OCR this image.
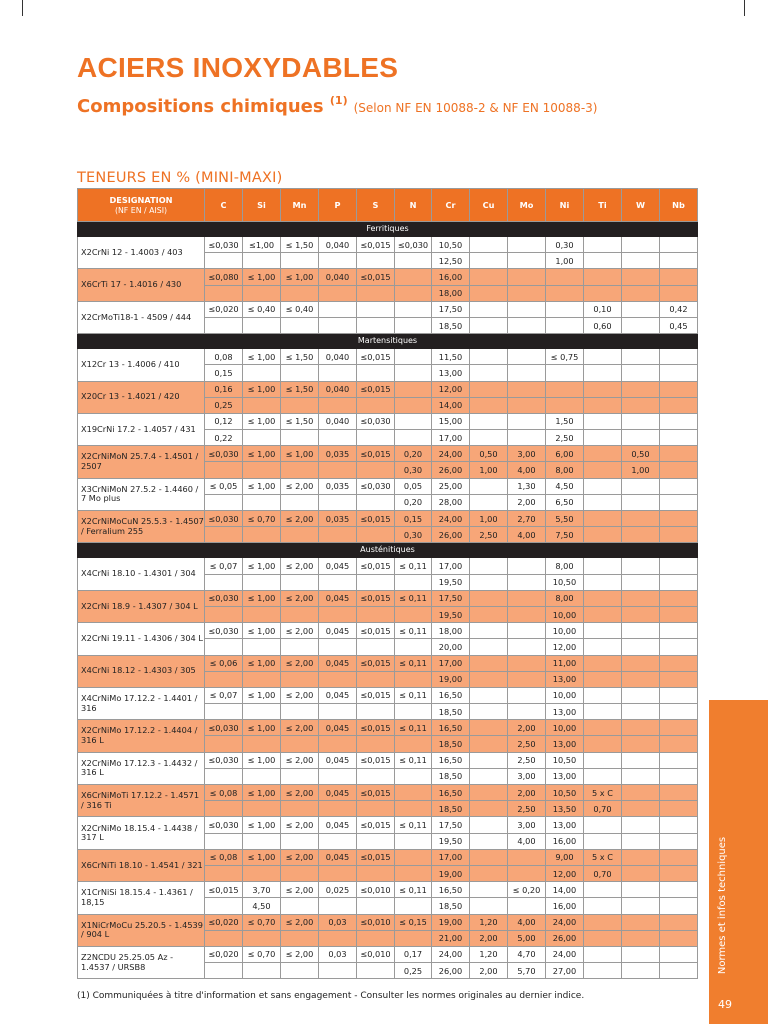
ACIERS INOXYDABLES
Compositions chimiques $^{(1)}$(Selon NF EN 10088-2 & NF EN 10088-3)
TENEURS EN % (MINI-MAXI)
DESIGNATION
(NF EN / AISI)	C	Si	Mn	P	S	N	Cr	Cu	Mo	Ni	Ti	W	Nb
Ferritiques													
X2CrNi 12 - 1.4003 / 403	≤0,030	≤1,00	≤ 1,50	0,040	≤0,015	≤0,030	10,50			0,30			
							12,50			1,00			
X6CrTi 17 - 1.4016 / 430	≤0,080	≤ 1,00	≤ 1,00	0,040	≤0,015		16,00						
							18,00						
X2CrMoTi18-1 - 4509 / 444	≤0,020	≤ 0,40	≤ 0,40				17,50				0,10		0,42
							18,50				0,60		0,45
Martensitiques													
X12Cr 13 - 1.4006 / 410	0,08	≤ 1,00	≤ 1,50	0,040	≤0,015		11,50			≤ 0,75			
	0,15						13,00						
X20Cr 13 - 1.4021 / 420	0,16	≤ 1,00	≤ 1,50	0,040	≤0,015		12,00						
	0,25						14,00						
X19CrNi 17.2 - 1.4057 / 431	0,12	≤ 1,00	≤ 1,50	0,040	≤0,030		15,00			1,50			
	0,22						17,00			2,50			
X2CrNiMoN 25.7.4 - 1.4501 / 2507	≤0,030	≤ 1,00	≤ 1,00	0,035	≤0,015	0,20	24,00	0,50	3,00	6,00		0,50	
						0,30	26,00	1,00	4,00	8,00		1,00	
X3CrNiMoN 27.5.2 - 1.4460 / 7 Mo plus	≤ 0,05	≤ 1,00	≤ 2,00	0,035	≤0,030	0,05	25,00		1,30	4,50			
						0,20	28,00		2,00	6,50			
X2CrNiMoCuN 25.5.3 - 1.4507 / Ferralium 255	≤0,030	≤ 0,70	≤ 2,00	0,035	≤0,015	0,15	24,00	1,00	2,70	5,50			
						0,30	26,00	2,50	4,00	7,50			
Austénitiques													
X4CrNi 18.10 - 1.4301 / 304	≤ 0,07	≤ 1,00	≤ 2,00	0,045	≤0,015	≤ 0,11	17,00			8,00			
							19,50			10,50			
X2CrNi 18.9 - 1.4307 / 304 L	≤0,030	≤ 1,00	≤ 2,00	0,045	≤0,015	≤ 0,11	17,50			8,00			
							19,50			10,00			
X2CrNi 19.11 - 1.4306 / 304 L	≤0,030	≤ 1,00	≤ 2,00	0,045	≤0,015	≤ 0,11	18,00			10,00			
							20,00			12,00			
X4CrNi 18.12 - 1.4303 / 305	≤ 0,06	≤ 1,00	≤ 2,00	0,045	≤0,015	≤ 0,11	17,00			11,00			
							19,00			13,00			
X4CrNiMo 17.12.2 - 1.4401 / 316	≤ 0,07	≤ 1,00	≤ 2,00	0,045	≤0,015	≤ 0,11	16,50			10,00			
							18,50			13,00			
X2CrNiMo 17.12.2 - 1.4404 / 316 L	≤0,030	≤ 1,00	≤ 2,00	0,045	≤0,015	≤ 0,11	16,50		2,00	10,00			
							18,50		2,50	13,00			
X2CrNiMo 17.12.3 - 1.4432 / 316 L	≤0,030	≤ 1,00	≤ 2,00	0,045	≤0,015	≤ 0,11	16,50		2,50	10,50			
							18,50		3,00	13,00			
X6CrNiMoTi 17.12.2 - 1.4571 / 316 Ti	≤ 0,08	≤ 1,00	≤ 2,00	0,045	≤0,015		16,50		2,00	10,50	5 x C		
							18,50		2,50	13,50	0,70		
X2CrNiMo 18.15.4 - 1.4438 / 317 L	≤0,030	≤ 1,00	≤ 2,00	0,045	≤0,015	≤ 0,11	17,50		3,00	13,00			
							19,50		4,00	16,00			
X6CrNiTi 18.10 - 1.4541 / 321	≤ 0,08	≤ 1,00	≤ 2,00	0,045	≤0,015		17,00			9,00	5 x C		
							19,00			12,00	0,70		
X1CrNiSi 18.15.4 - 1.4361 / 18,15	≤0,015	3,70	≤ 2,00	0,025	≤0,010	≤ 0,11	16,50		≤ 0,20	14,00			
		4,50					18,50			16,00			
X1NiCrMoCu 25.20.5 - 1.4539 / 904 L	≤0,020	≤ 0,70	≤ 2,00	0,03	≤0,010	≤ 0,15	19,00	1,20	4,00	24,00			
							21,00	2,00	5,00	26,00			
Z2NCDU 25.25.05 Az - 1.4537 / URSB8	≤0,020	≤ 0,70	≤ 2,00	0,03	≤0,010	0,17	24,00	1,20	4,70	24,00			
						0,25	26,00	2,00	5,70	27,00			
(1) Communiquées à titre d'information et sans engagement - Consulter les normes originales au dernier indice.
Normes et infos techniques
49
